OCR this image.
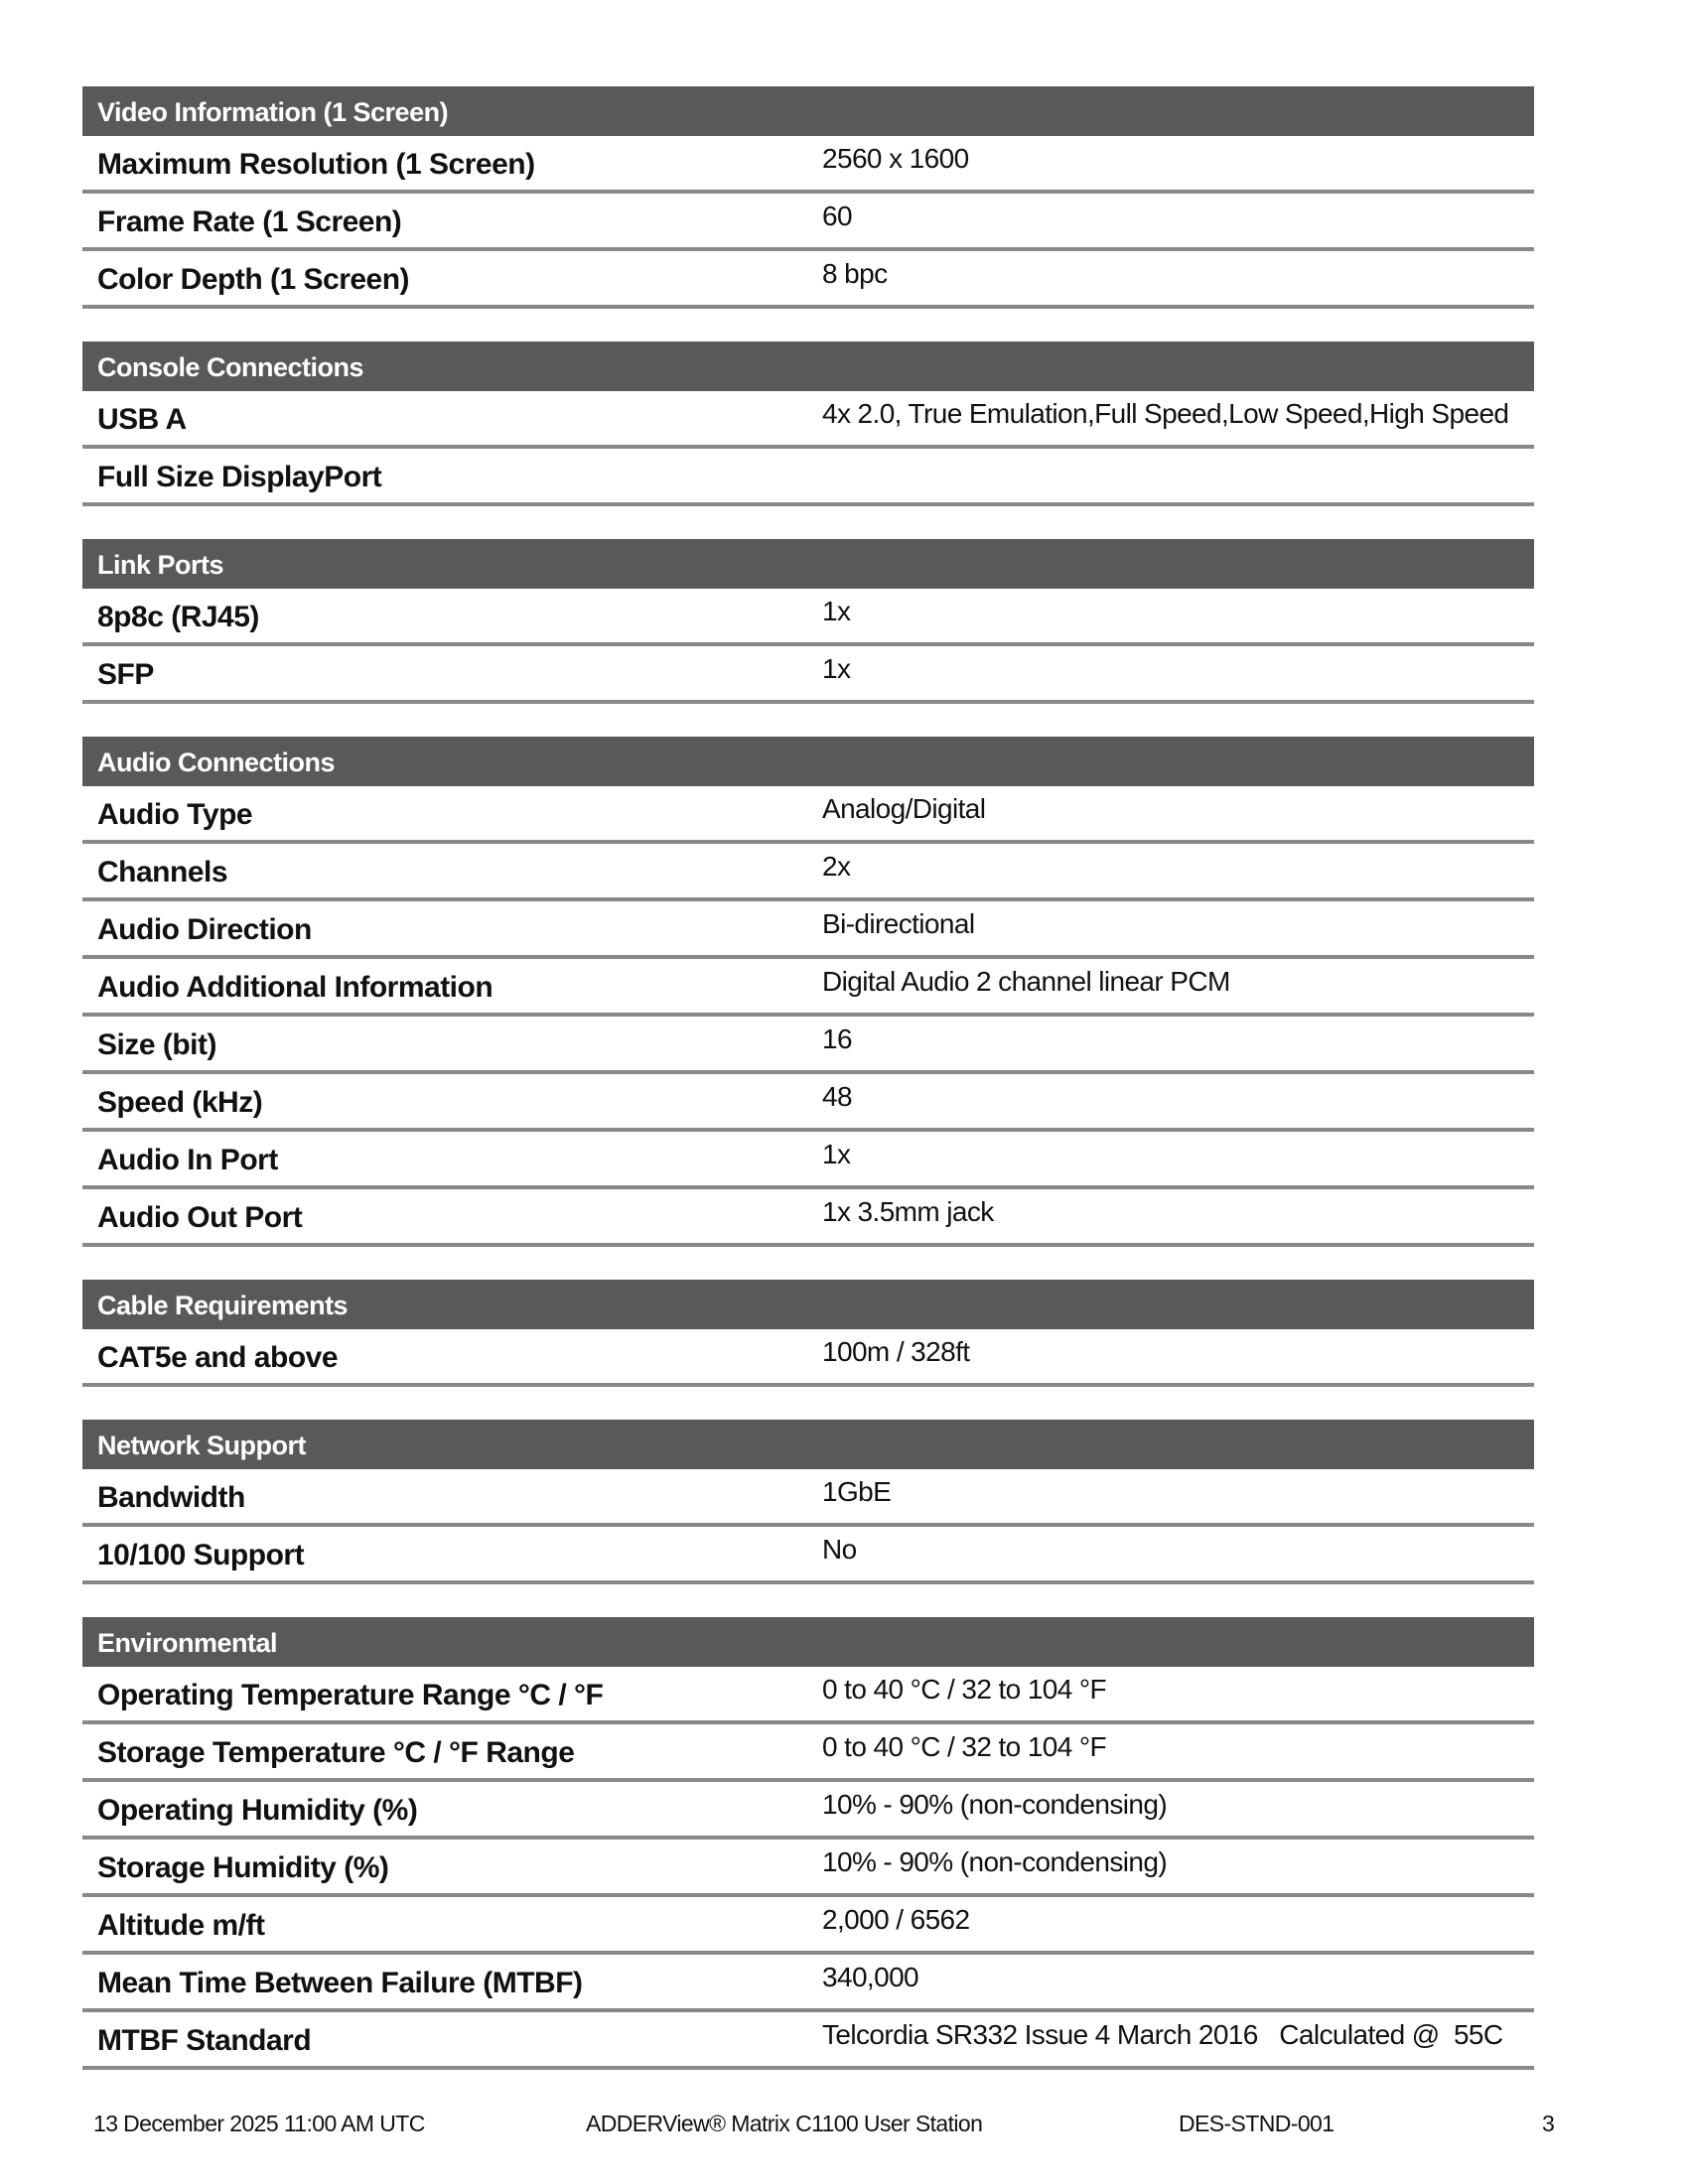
Video Information (1 Screen)
Maximum Resolution (1 Screen)	2560 x 1600
Frame Rate (1 Screen)	60
Color Depth (1 Screen)	8 bpc
Console Connections
USB A	4x 2.0, True Emulation,Full Speed,Low Speed,High Speed
Full Size DisplayPort
Link Ports
8p8c (RJ45)	1x
SFP	1x
Audio Connections
Audio Type	Analog/Digital
Channels	2x
Audio Direction	Bi-directional
Audio Additional Information	Digital Audio 2 channel linear PCM
Size (bit)	16
Speed (kHz)	48
Audio In Port	1x
Audio Out Port	1x 3.5mm jack
Cable Requirements
CAT5e and above	100m / 328ft
Network Support
Bandwidth	1GbE
10/100 Support	No
Environmental
Operating Temperature Range °C / °F	0 to 40 °C / 32 to 104 °F
Storage Temperature °C / °F Range	0 to 40 °C / 32 to 104 °F
Operating Humidity (%)	10% - 90% (non-condensing)
Storage Humidity (%)	10% - 90% (non-condensing)
Altitude m/ft	2,000 / 6562
Mean Time Between Failure (MTBF)	340,000
MTBF Standard	Telcordia SR332 Issue 4 March 2016   Calculated @  55C
13 December 2025 11:00 AM UTC	ADDERView® Matrix C1100 User Station	DES-STND-001	3
